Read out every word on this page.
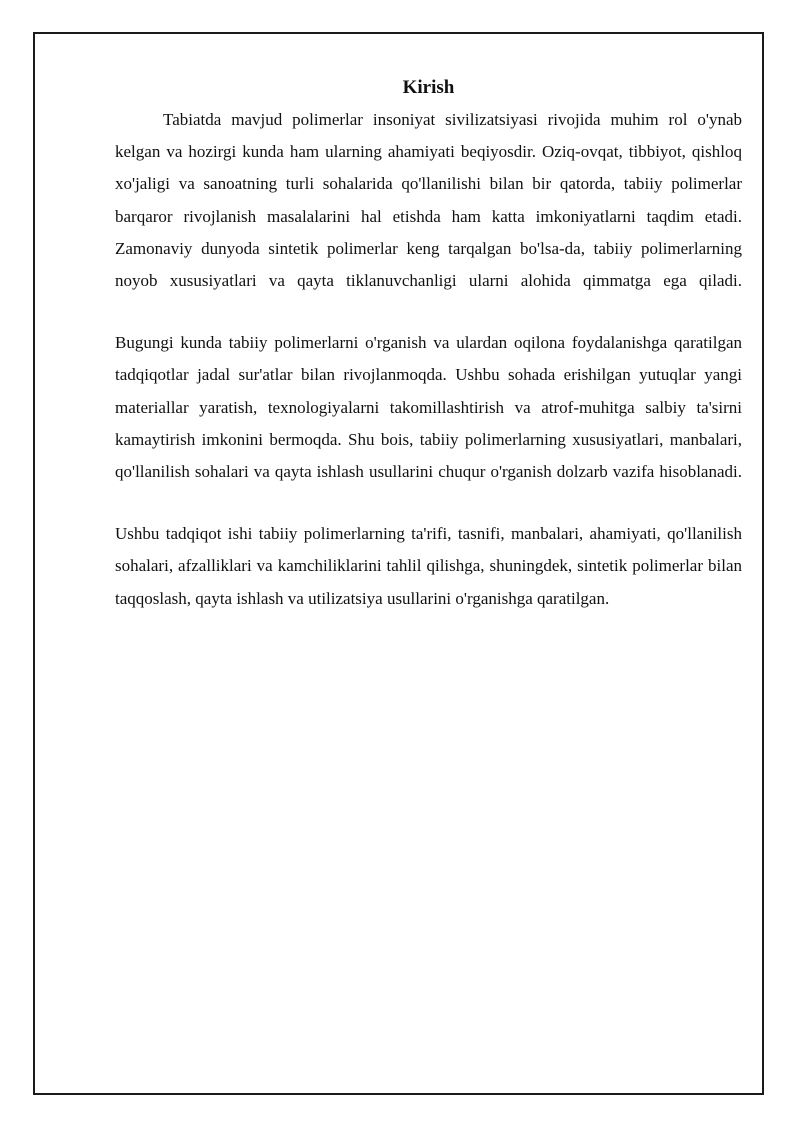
Kirish

Tabiatda mavjud polimerlar insoniyat sivilizatsiyasi rivojida muhim rol o'ynab kelgan va hozirgi kunda ham ularning ahamiyati beqiyosdir. Oziq-ovqat, tibbiyot, qishloq xo'jaligi va sanoatning turli sohalarida qo'llanilishi bilan bir qatorda, tabiiy polimerlar barqaror rivojlanish masalalarini hal etishda ham katta imkoniyatlarni taqdim etadi. Zamonaviy dunyoda sintetik polimerlar keng tarqalgan bo'lsa-da, tabiiy polimerlarning noyob xususiyatlari va qayta tiklanuvchanligi ularni alohida qimmatga ega qiladi.

Bugungi kunda tabiiy polimerlarni o'rganish va ulardan oqilona foydalanishga qaratilgan tadqiqotlar jadal sur'atlar bilan rivojlanmoqda. Ushbu sohada erishilgan yutuqlar yangi materiallar yaratish, texnologiyalarni takomillashtirish va atrof-muhitga salbiy ta'sirni kamaytirish imkonini bermoqda. Shu bois, tabiiy polimerlarning xususiyatlari, manbalari, qo'llanilish sohalari va qayta ishlash usullarini chuqur o'rganish dolzarb vazifa hisoblanadi.

Ushbu tadqiqot ishi tabiiy polimerlarning ta'rifi, tasnifi, manbalari, ahamiyati, qo'llanilish sohalari, afzalliklari va kamchiliklarini tahlil qilishga, shuningdek, sintetik polimerlar bilan taqqoslash, qayta ishlash va utilizatsiya usullarini o'rganishga qaratilgan.
